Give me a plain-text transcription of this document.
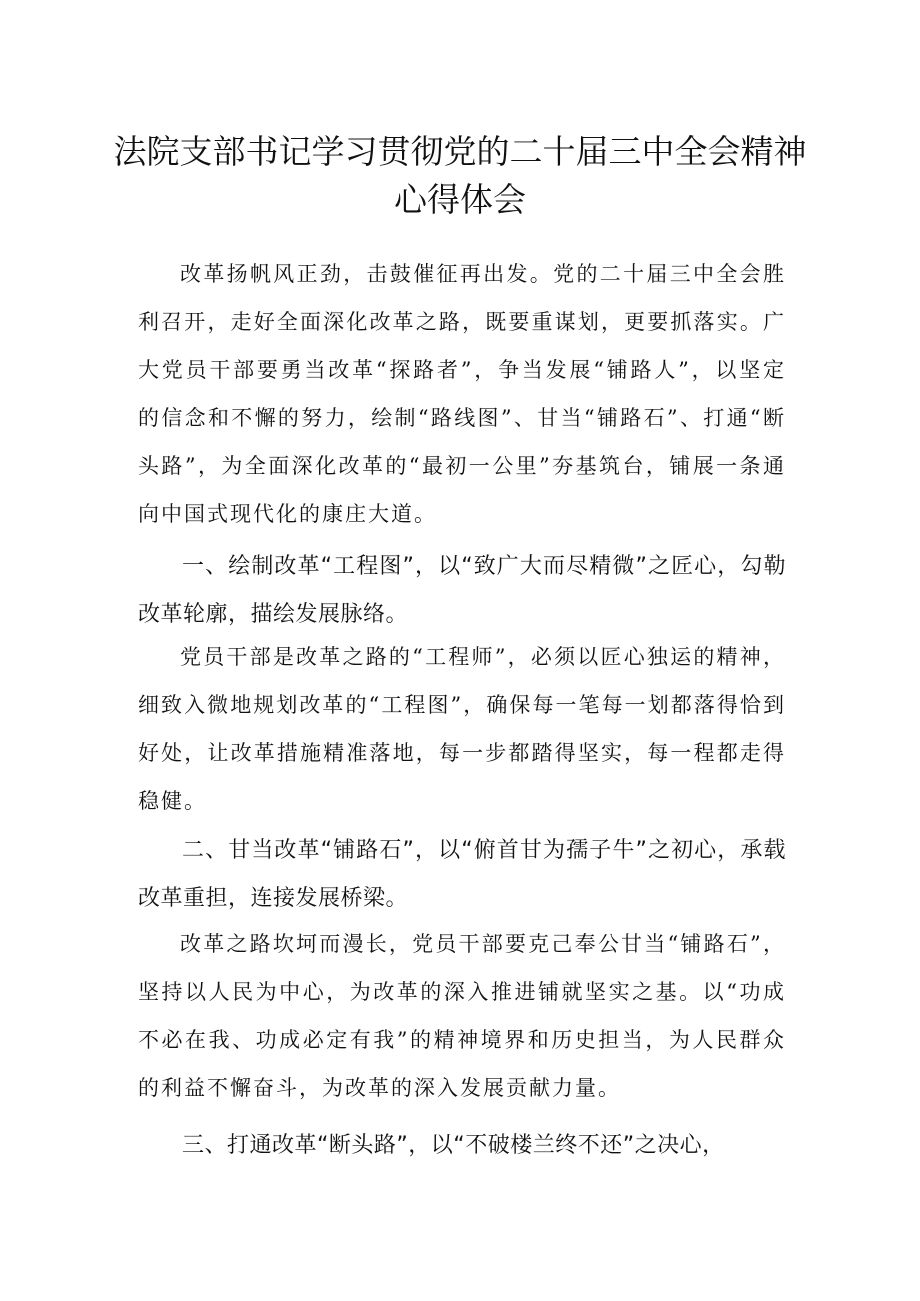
法院支部书记学习贯彻党的二十届三中全会精神心得体会

改革扬帆风正劲，击鼓催征再出发。党的二十届三中全会胜利召开，走好全面深化改革之路，既要重谋划，更要抓落实。广大党员干部要勇当改革“探路者”，争当发展“铺路人”，以坚定的信念和不懈的努力，绘制“路线图”、甘当“铺路石”、打通“断头路”，为全面深化改革的“最初一公里”夯基筑台，铺展一条通向中国式现代化的康庄大道。

一、绘制改革“工程图”，以“致广大而尽精微”之匠心，勾勒改革轮廓，描绘发展脉络。

党员干部是改革之路的“工程师”，必须以匠心独运的精神，细致入微地规划改革的“工程图”，确保每一笔每一划都落得恰到好处，让改革措施精准落地，每一步都踏得坚实，每一程都走得稳健。

二、甘当改革“铺路石”，以“俯首甘为孺子牛”之初心，承载改革重担，连接发展桥梁。

改革之路坎坷而漫长，党员干部要克己奉公甘当“铺路石”，坚持以人民为中心，为改革的深入推进铺就坚实之基。以“功成不必在我、功成必定有我”的精神境界和历史担当，为人民群众的利益不懈奋斗，为改革的深入发展贡献力量。

三、打通改革“断头路”，以“不破楼兰终不还”之决心，
